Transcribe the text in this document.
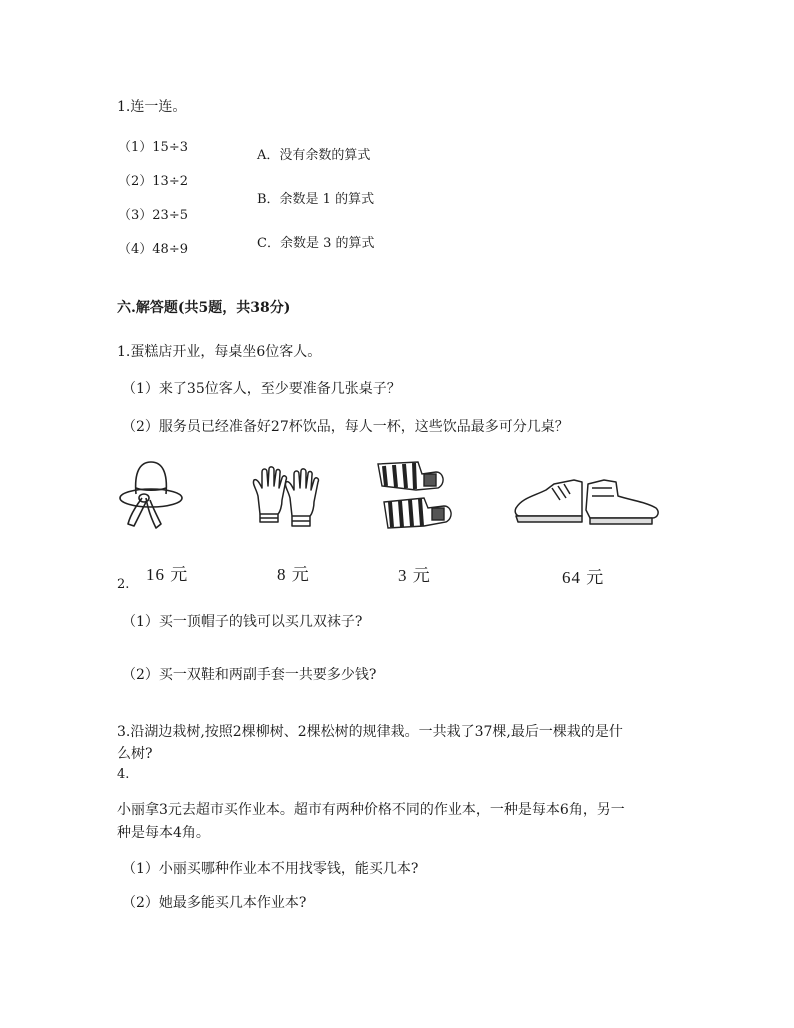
1.连一连。
（1）15÷3
（2）13÷2
（3）23÷5
（4）48÷9
A．没有余数的算式
B．余数是 1 的算式
C．余数是 3 的算式
六.解答题(共5题，共38分)
1.蛋糕店开业，每桌坐6位客人。
（1）来了35位客人，至少要准备几张桌子？
（2）服务员已经准备好27杯饮品，每人一杯，这些饮品最多可分几桌？
16 元	8 元	3 元	64 元
2.
（1）买一顶帽子的钱可以买几双袜子?
（2）买一双鞋和两副手套一共要多少钱?
3.沿湖边栽树,按照2棵柳树、2棵松树的规律栽。一共栽了37棵,最后一棵栽的是什
么树?
4.
小丽拿3元去超市买作业本。超市有两种价格不同的作业本，一种是每本6角，另一
种是每本4角。
（1）小丽买哪种作业本不用找零钱，能买几本?
（2）她最多能买几本作业本?
